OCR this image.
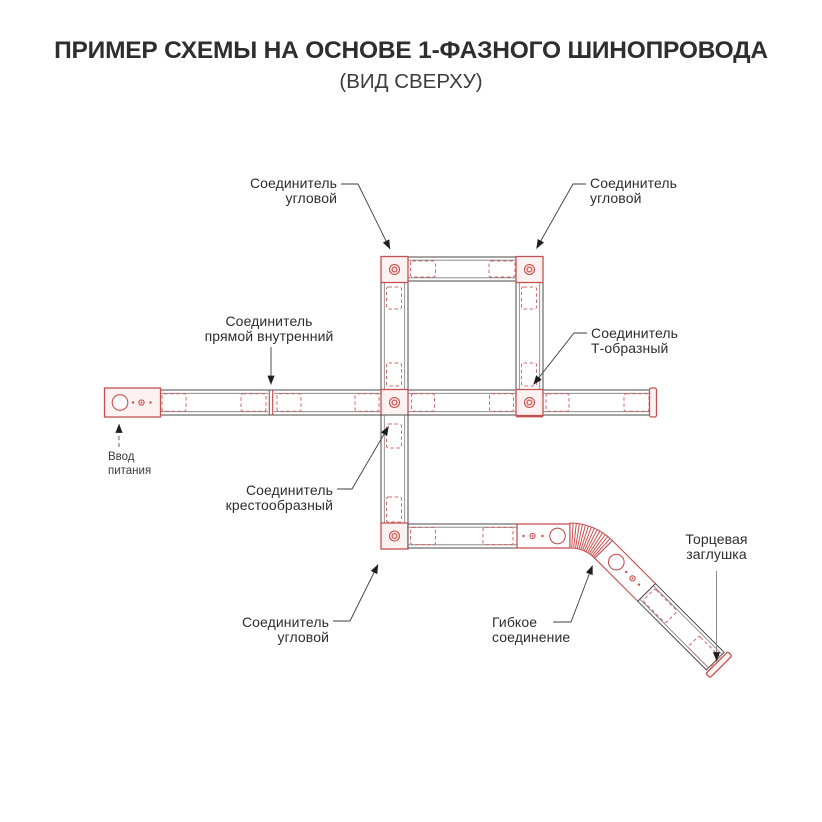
ПРИМЕР СХЕМЫ НА ОСНОВЕ 1-ФАЗНОГО ШИНОПРОВОДА
(ВИД СВЕРХУ)
Соединитель
угловой
Соединитель
угловой
Соединитель
прямой внутренний	Соединитель
Т-образный
Ввод
питания
Соединитель
крестообразный
Соединитель
угловой
Гибкое
соединение
Торцевая
заглушка
